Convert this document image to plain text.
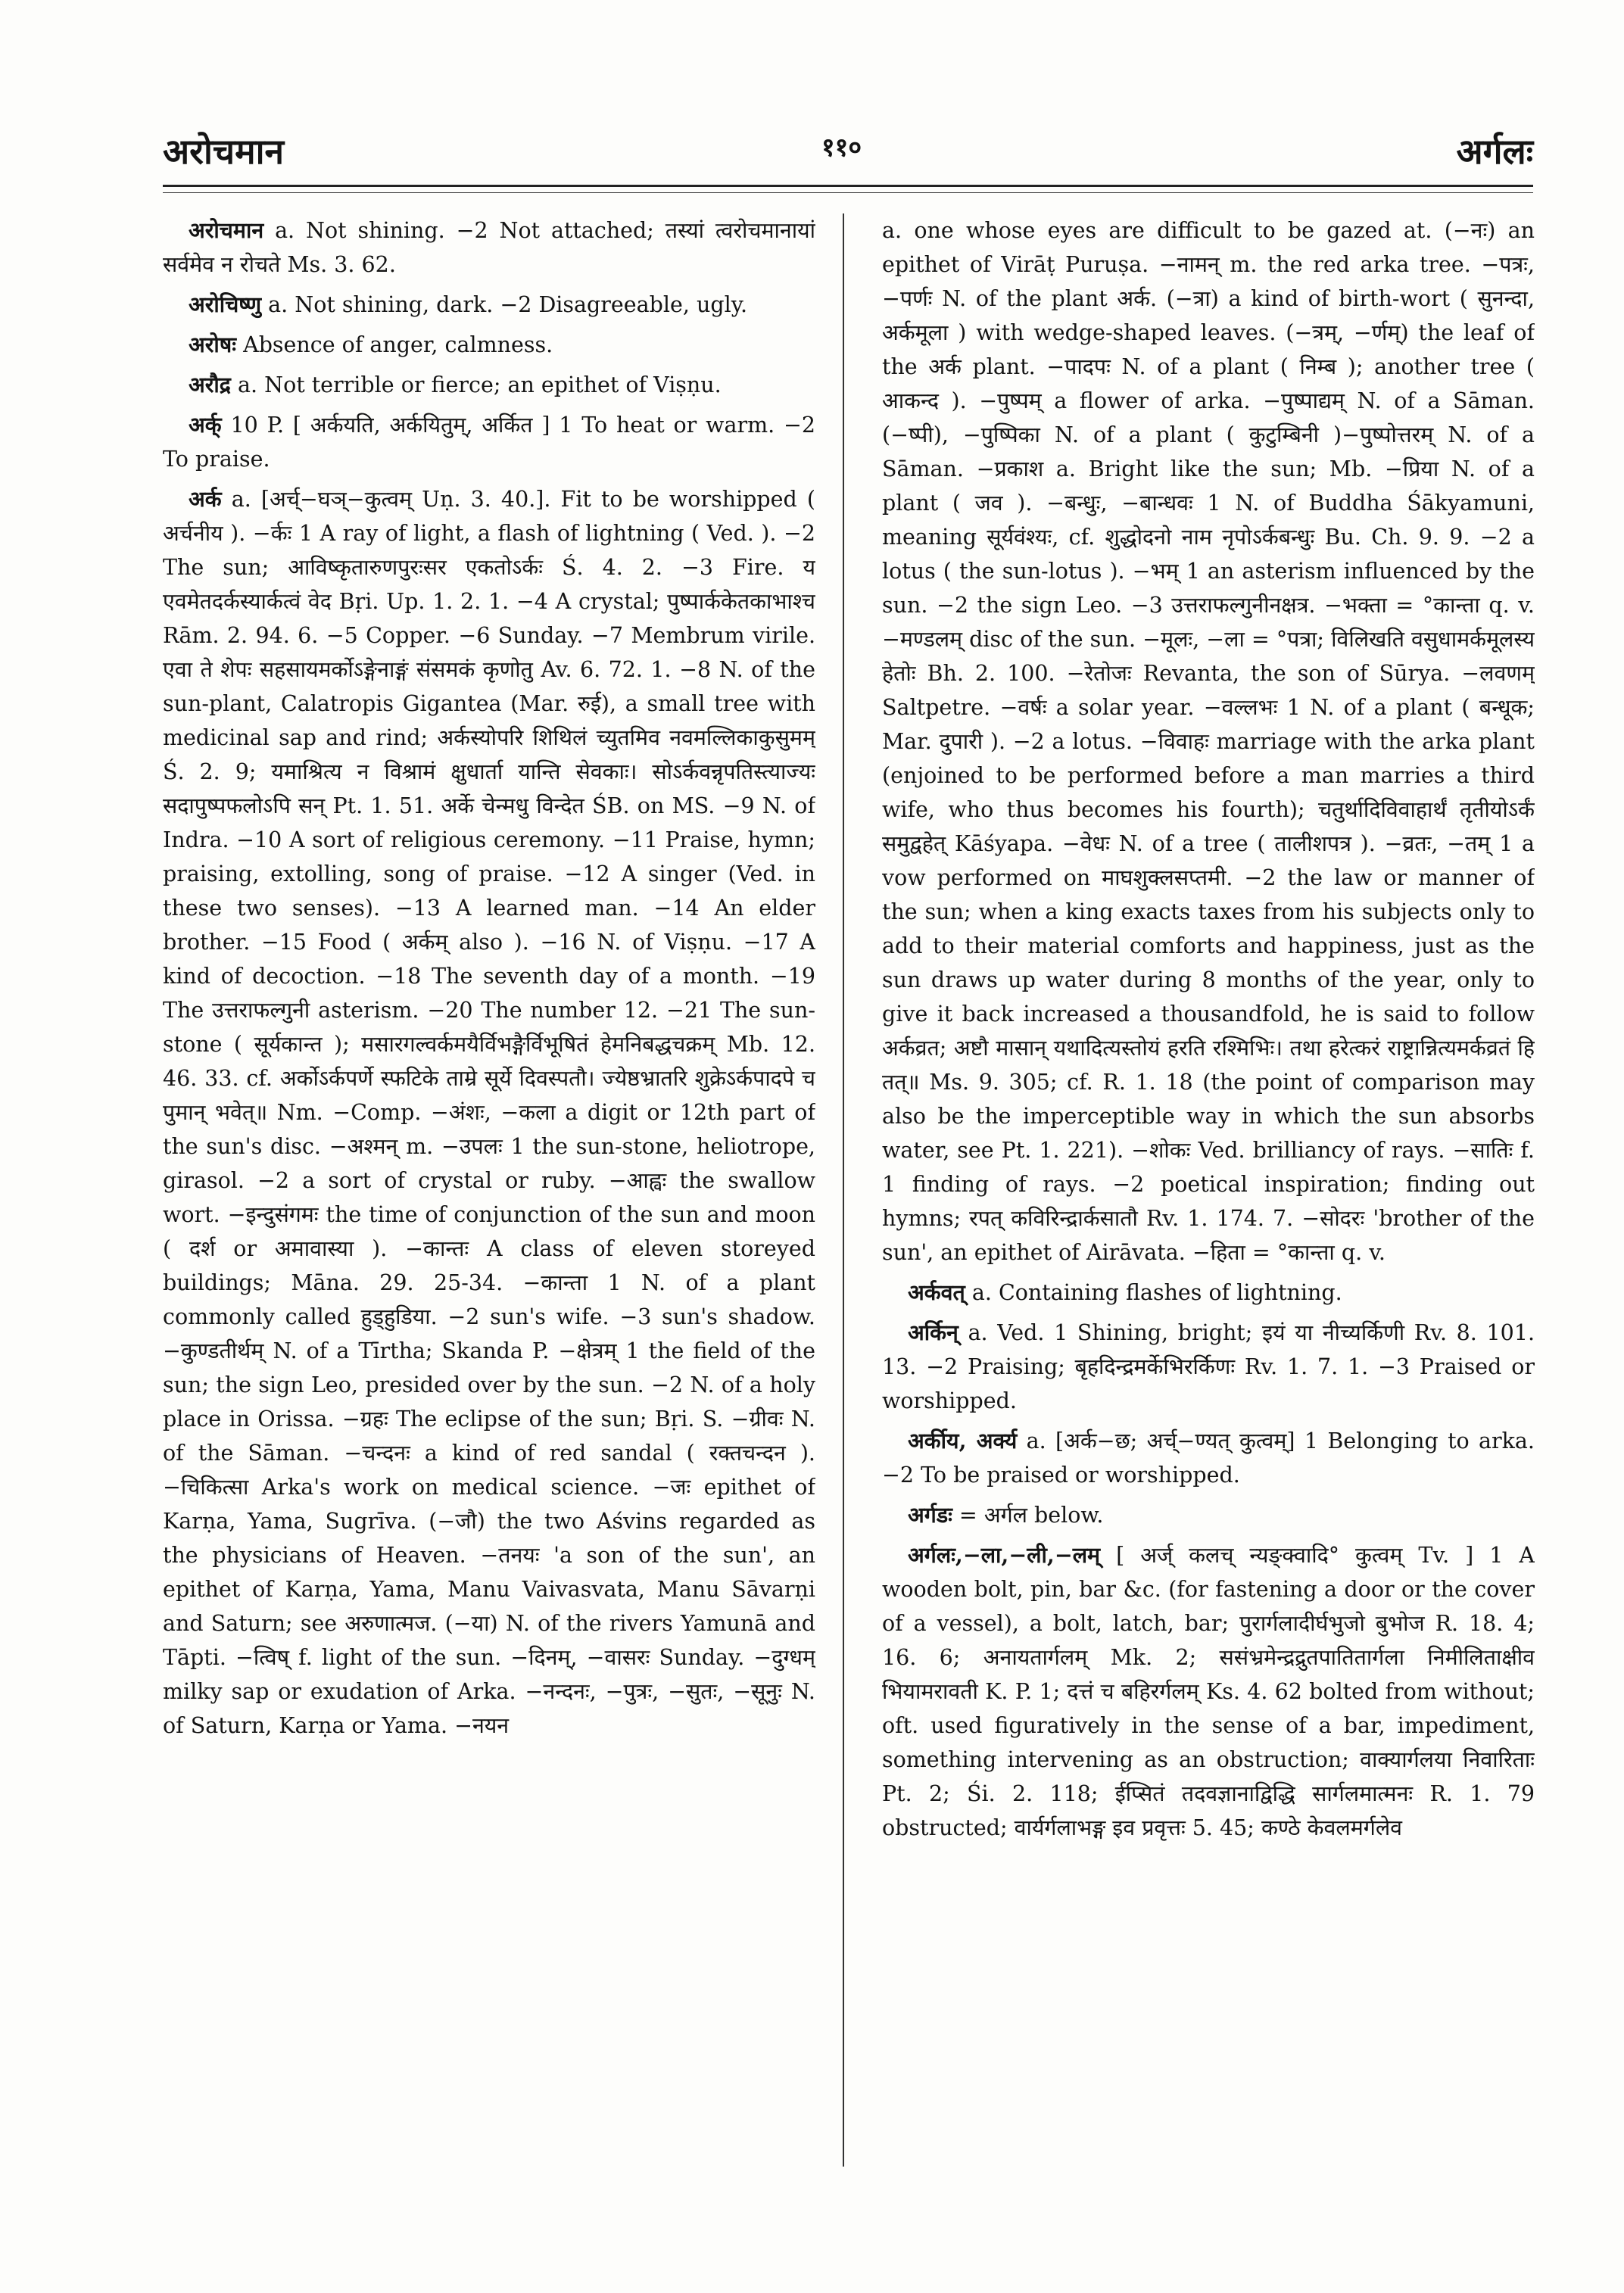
अरोचमान	११०	अर्गलः
अरोचमान a. Not shining. −2 Not attached; तस्यां त्वरोचमानायां सर्वमेव न रोचते Ms. 3. 62.
अरोचिष्णु a. Not shining, dark. −2 Disagreeable, ugly.
अरोषः Absence of anger, calmness.
अरौद्र a. Not terrible or fierce; an epithet of Viṣṇu.
अर्क् 10 P. [ अर्कयति, अर्कयितुम्, अर्कित ] 1 To heat or warm. −2 To praise.
अर्क a. [अर्च्−घञ्−कुत्वम् Uṇ. 3. 40.]. Fit to be worshipped ( अर्चनीय ). −र्कः 1 A ray of light, a flash of lightning ( Ved. ). −2 The sun; आविष्कृतारुणपुरःसर एकतोऽर्कः Ś. 4. 2. −3 Fire. य एवमेतदर्कस्यार्कत्वं वेद Bṛi. Up. 1. 2. 1. −4 A crystal; पुष्पार्ककेतकाभाश्च Rām. 2. 94. 6. −5 Copper. −6 Sunday. −7 Membrum virile. एवा ते शेपः सहसायमर्कोऽङ्गेनाङ्गं संसमकं कृणोतु Av. 6. 72. 1. −8 N. of the sun-plant, Calatropis Gigantea (Mar. रुई), a small tree with medicinal sap and rind; अर्कस्योपरि शिथिलं च्युतमिव नवमल्लिकाकुसुमम् Ś. 2. 9; यमाश्रित्य न विश्रामं क्षुधार्ता यान्ति सेवकाः। सोऽर्कवन्नृपतिस्त्याज्यः सदापुष्पफलोऽपि सन् Pt. 1. 51. अर्के चेन्मधु विन्देत ŚB. on MS. −9 N. of Indra. −10 A sort of religious ceremony. −11 Praise, hymn; praising, extolling, song of praise. −12 A singer (Ved. in these two senses). −13 A learned man. −14 An elder brother. −15 Food ( अर्कम् also ). −16 N. of Viṣṇu. −17 A kind of decoction. −18 The seventh day of a month. −19 The उत्तराफल्गुनी asterism. −20 The number 12. −21 The sun-stone ( सूर्यकान्त ); मसारगल्वर्कमयैर्विभङ्गैर्विभूषितं हेमनिबद्धचक्रम् Mb. 12. 46. 33. cf. अर्कोऽर्कपर्णे स्फटिके ताम्रे सूर्ये दिवस्पतौ। ज्येष्ठभ्रातरि शुक्रेऽर्कपादपे च पुमान् भवेत्॥ Nm. −Comp. −अंशः, −कला a digit or 12th part of the sun's disc. −अश्मन् m. −उपलः 1 the sun-stone, heliotrope, girasol. −2 a sort of crystal or ruby. −आह्वः the swallow wort. −इन्दुसंगमः the time of conjunction of the sun and moon ( दर्श or अमावास्या ). −कान्तः A class of eleven storeyed buildings; Māna. 29. 25-34. −कान्ता 1 N. of a plant commonly called हुड्हुडिया. −2 sun's wife. −3 sun's shadow. −कुण्डतीर्थम् N. of a Tīrtha; Skanda P. −क्षेत्रम् 1 the field of the sun; the sign Leo, presided over by the sun. −2 N. of a holy place in Orissa. −ग्रहः The eclipse of the sun; Bṛi. S. −ग्रीवः N. of the Sāman. −चन्दनः a kind of red sandal ( रक्तचन्दन ). −चिकित्सा Arka's work on medical science. −जः epithet of Karṇa, Yama, Sugrīva. (−जौ) the two Aśvins regarded as the physicians of Heaven. −तनयः 'a son of the sun', an epithet of Karṇa, Yama, Manu Vaivasvata, Manu Sāvarṇi and Saturn; see अरुणात्मज. (−या) N. of the rivers Yamunā and Tāpti. −त्विष् f. light of the sun. −दिनम्, −वासरः Sunday. −दुग्धम् milky sap or exudation of Arka. −नन्दनः, −पुत्रः, −सुतः, −सूनुः N. of Saturn, Karṇa or Yama. −नयन
a. one whose eyes are difficult to be gazed at. (−नः) an epithet of Virāṭ Puruṣa. −नामन् m. the red arka tree. −पत्रः, −पर्णः N. of the plant अर्क. (−त्रा) a kind of birth-wort ( सुनन्दा, अर्कमूला ) with wedge-shaped leaves. (−त्रम्, −र्णम्) the leaf of the अर्क plant. −पादपः N. of a plant ( निम्ब ); another tree ( आकन्द ). −पुष्पम् a flower of arka. −पुष्पाद्यम् N. of a Sāman. (−ष्पी), −पुष्पिका N. of a plant ( कुटुम्बिनी )−पुष्पोत्तरम् N. of a Sāman. −प्रकाश a. Bright like the sun; Mb. −प्रिया N. of a plant ( जव ). −बन्धुः, −बान्धवः 1 N. of Buddha Śākyamuni, meaning सूर्यवंश्यः, cf. शुद्धोदनो नाम नृपोऽर्कबन्धुः Bu. Ch. 9. 9. −2 a lotus ( the sun-lotus ). −भम् 1 an asterism influenced by the sun. −2 the sign Leo. −3 उत्तराफल्गुनीनक्षत्र. −भक्ता = °कान्ता q. v. −मण्डलम् disc of the sun. −मूलः, −ला = °पत्रा; विलिखति वसुधामर्कमूलस्य हेतोः Bh. 2. 100. −रेतोजः Revanta, the son of Sūrya. −लवणम् Saltpetre. −वर्षः a solar year. −वल्लभः 1 N. of a plant ( बन्धूक; Mar. दुपारी ). −2 a lotus. −विवाहः marriage with the arka plant (enjoined to be performed before a man marries a third wife, who thus becomes his fourth); चतुर्थादिविवाहार्थं तृतीयोऽर्कं समुद्वहेत् Kāśyapa. −वेधः N. of a tree ( तालीशपत्र ). −व्रतः, −तम् 1 a vow performed on माघशुक्लसप्तमी. −2 the law or manner of the sun; when a king exacts taxes from his subjects only to add to their material comforts and happiness, just as the sun draws up water during 8 months of the year, only to give it back increased a thousandfold, he is said to follow अर्कव्रत; अष्टौ मासान् यथादित्यस्तोयं हरति रश्मिभिः। तथा हरेत्करं राष्ट्रान्नित्यमर्कव्रतं हि तत्॥ Ms. 9. 305; cf. R. 1. 18 (the point of comparison may also be the imperceptible way in which the sun absorbs water, see Pt. 1. 221). −शोकः Ved. brilliancy of rays. −सातिः f. 1 finding of rays. −2 poetical inspiration; finding out hymns; रपत् कविरिन्द्रार्कसातौ Rv. 1. 174. 7. −सोदरः 'brother of the sun', an epithet of Airāvata. −हिता = °कान्ता q. v.
अर्कवत् a. Containing flashes of lightning.
अर्किन् a. Ved. 1 Shining, bright; इयं या नीच्यर्किणी Rv. 8. 101. 13. −2 Praising; बृहदिन्द्रमर्केभिरर्किणः Rv. 1. 7. 1. −3 Praised or worshipped.
अर्कीय, अर्क्य a. [अर्क−छ; अर्च्−ण्यत् कुत्वम्] 1 Belonging to arka. −2 To be praised or worshipped.
अर्गडः = अर्गल below.
अर्गलः,−ला,−ली,−लम् [ अर्ज् कलच् न्यङ्क्वादि° कुत्वम् Tv. ] 1 A wooden bolt, pin, bar &c. (for fastening a door or the cover of a vessel), a bolt, latch, bar; पुरार्गलादीर्घभुजो बुभोज R. 18. 4; 16. 6; अनायतार्गलम् Mk. 2; ससंभ्रमेन्द्रद्रुतपातितार्गला निमीलिताक्षीव भियामरावती K. P. 1; दत्तं च बहिरर्गलम् Ks. 4. 62 bolted from without; oft. used figuratively in the sense of a bar, impediment, something intervening as an obstruction; वाक्यार्गलया निवारिताः Pt. 2; Śi. 2. 118; ईप्सितं तदवज्ञानाद्विद्धि सार्गलमात्मनः R. 1. 79 obstructed; वार्यर्गलाभङ्ग इव प्रवृत्तः 5. 45; कण्ठे केवलमर्गलेव
